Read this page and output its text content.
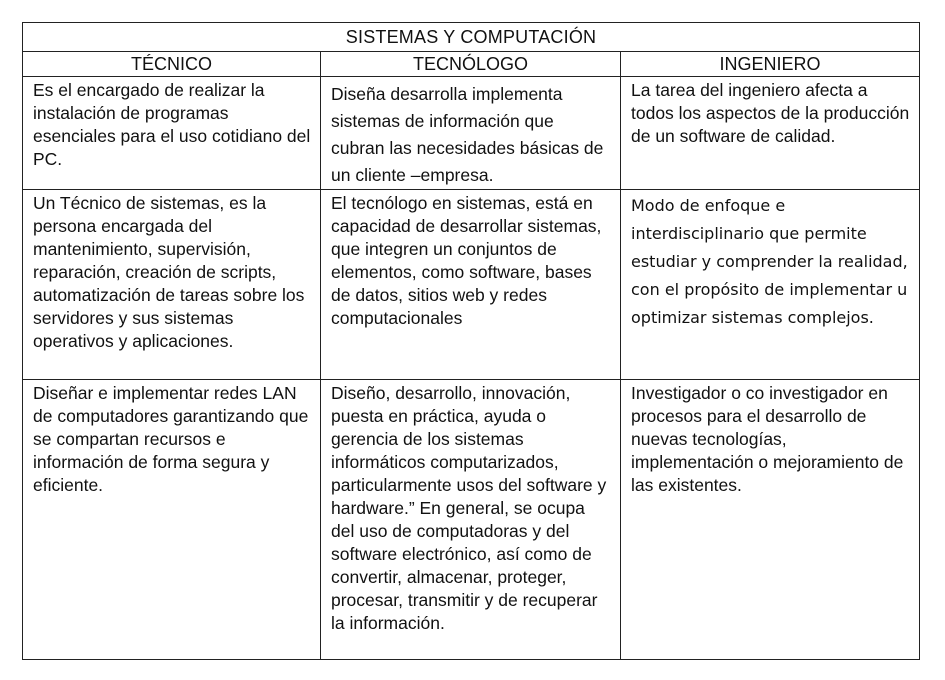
SISTEMAS Y COMPUTACIÓN		
TÉCNICO	TECNÓLOGO	INGENIERO
Es el encargado de realizar la instalación de programas esenciales para el uso cotidiano del PC.	Diseña desarrolla implementa sistemas de información que cubran las necesidades básicas de un cliente –empresa.	La tarea del ingeniero afecta a todos los aspectos de la producción de un software de calidad.
Un Técnico de sistemas, es la persona encargada del mantenimiento, supervisión, reparación, creación de scripts, automatización de tareas sobre los servidores y sus sistemas operativos y aplicaciones.	El tecnólogo en sistemas, está en capacidad de desarrollar sistemas, que integren un conjuntos de elementos, como software, bases de datos, sitios web y redes computacionales	Modo de enfoque e interdisciplinario que permite estudiar y comprender la realidad, con el propósito de implementar u optimizar sistemas complejos.
Diseñar e implementar redes LAN de computadores garantizando que se compartan recursos e información de forma segura y eficiente.	Diseño, desarrollo, innovación, puesta en práctica, ayuda o gerencia de los sistemas informáticos computarizados, particularmente usos del software y hardware.” En general, se ocupa del uso de computadoras y del software electrónico, así como de convertir, almacenar, proteger, procesar, transmitir y de recuperar la información.	Investigador o co investigador en procesos para el desarrollo de nuevas tecnologías, implementación o mejoramiento de las existentes.
